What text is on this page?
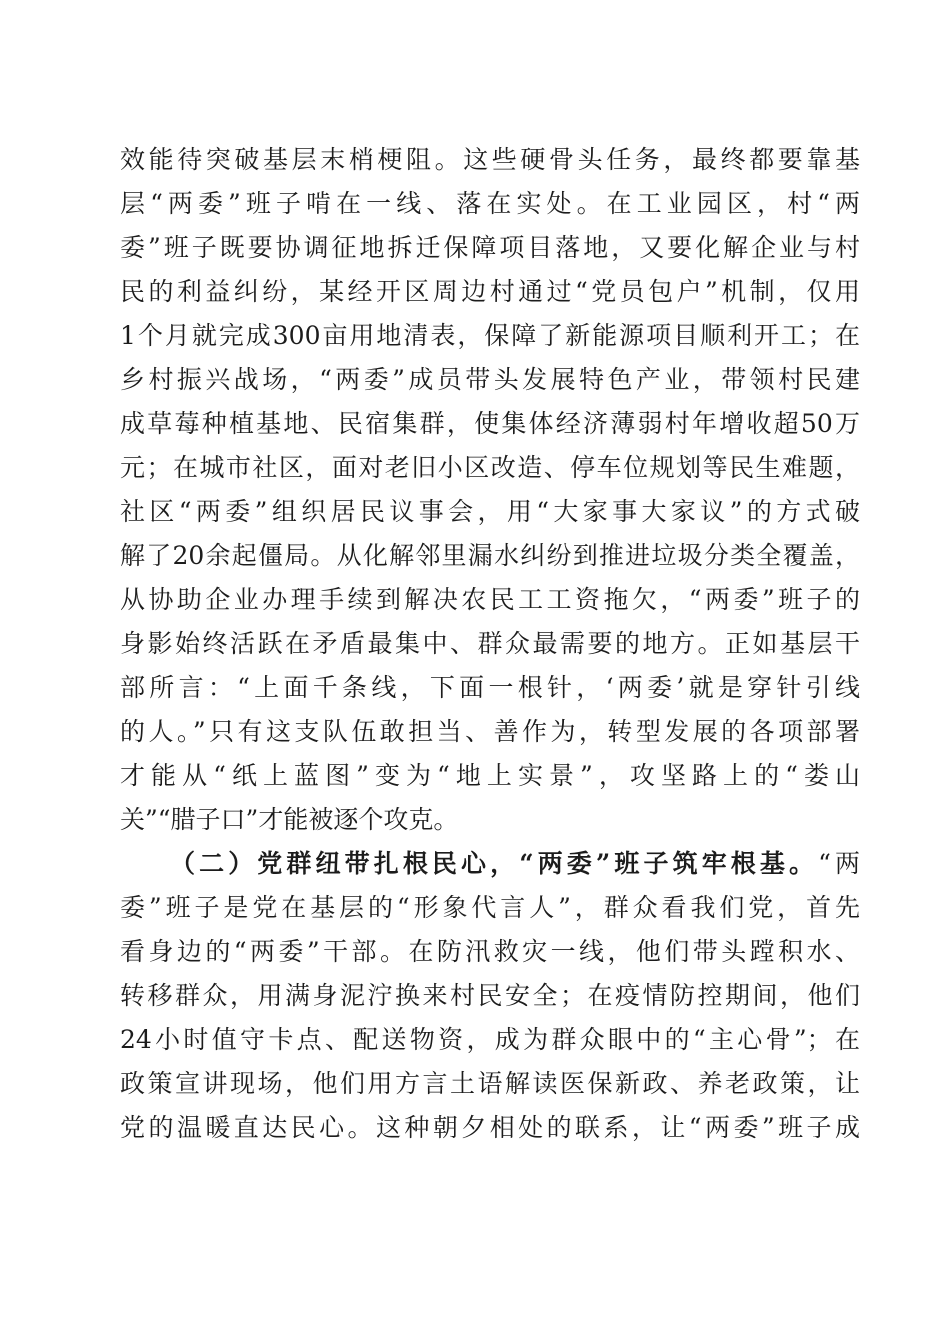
效能待突破基层末梢梗阻。这些硬骨头任务，最终都要靠基
层“两委”班子啃在一线、落在实处。在工业园区，村“两
委”班子既要协调征地拆迁保障项目落地，又要化解企业与村
民的利益纠纷，某经开区周边村通过“党员包户”机制，仅用
1个月就完成300亩用地清表，保障了新能源项目顺利开工；在
乡村振兴战场，“两委”成员带头发展特色产业，带领村民建
成草莓种植基地、民宿集群，使集体经济薄弱村年增收超50万
元；在城市社区，面对老旧小区改造、停车位规划等民生难题，
社区“两委”组织居民议事会，用“大家事大家议”的方式破
解了20余起僵局。从化解邻里漏水纠纷到推进垃圾分类全覆盖，
从协助企业办理手续到解决农民工工资拖欠，“两委”班子的
身影始终活跃在矛盾最集中、群众最需要的地方。正如基层干
部所言：“上面千条线，下面一根针，‘两委’就是穿针引线
的人。”只有这支队伍敢担当、善作为，转型发展的各项部署
才能从“纸上蓝图”变为“地上实景”，攻坚路上的“娄山
关”“腊子口”才能被逐个攻克。
（二）党群纽带扎根民心，“两委”班子筑牢根基。“两
委”班子是党在基层的“形象代言人”，群众看我们党，首先
看身边的“两委”干部。在防汛救灾一线，他们带头蹚积水、
转移群众，用满身泥泞换来村民安全；在疫情防控期间，他们
24小时值守卡点、配送物资，成为群众眼中的“主心骨”；在
政策宣讲现场，他们用方言土语解读医保新政、养老政策，让
党的温暖直达民心。这种朝夕相处的联系，让“两委”班子成
